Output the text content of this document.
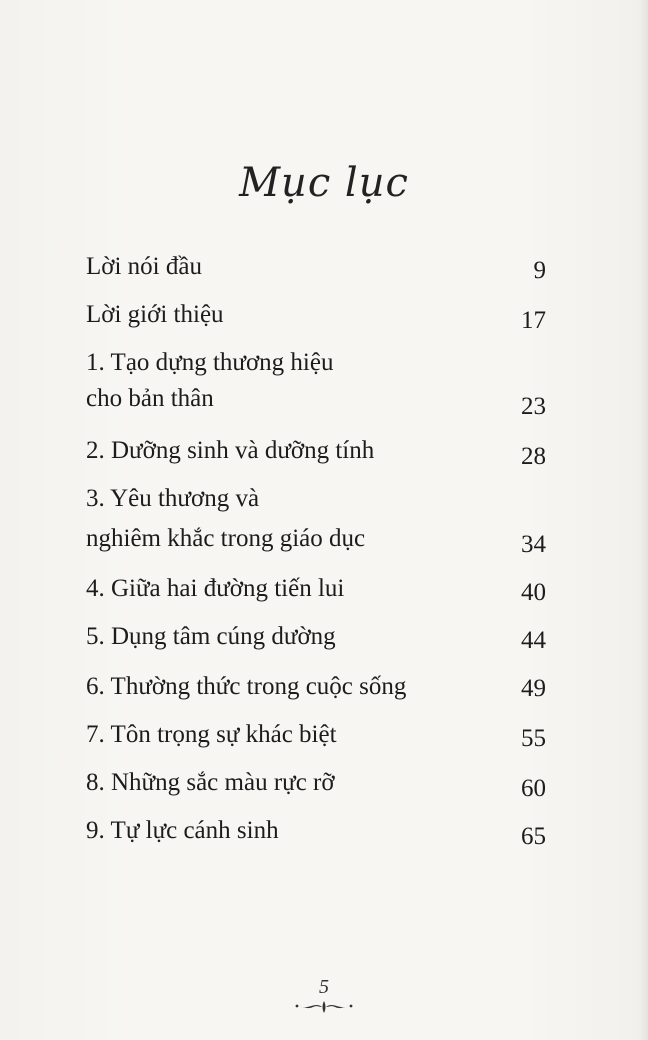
Mục lục
Lời nói đầu	9
Lời giới thiệu	17
1. Tạo dựng thương hiệu
cho bản thân	23
2. Dưỡng sinh và dưỡng tính	28
3. Yêu thương và
nghiêm khắc trong giáo dục	34
4. Giữa hai đường tiến lui	40
5. Dụng tâm cúng dường	44
6. Thường thức trong cuộc sống	49
7. Tôn trọng sự khác biệt	55
8. Những sắc màu rực rỡ	60
9. Tự lực cánh sinh	65
5
